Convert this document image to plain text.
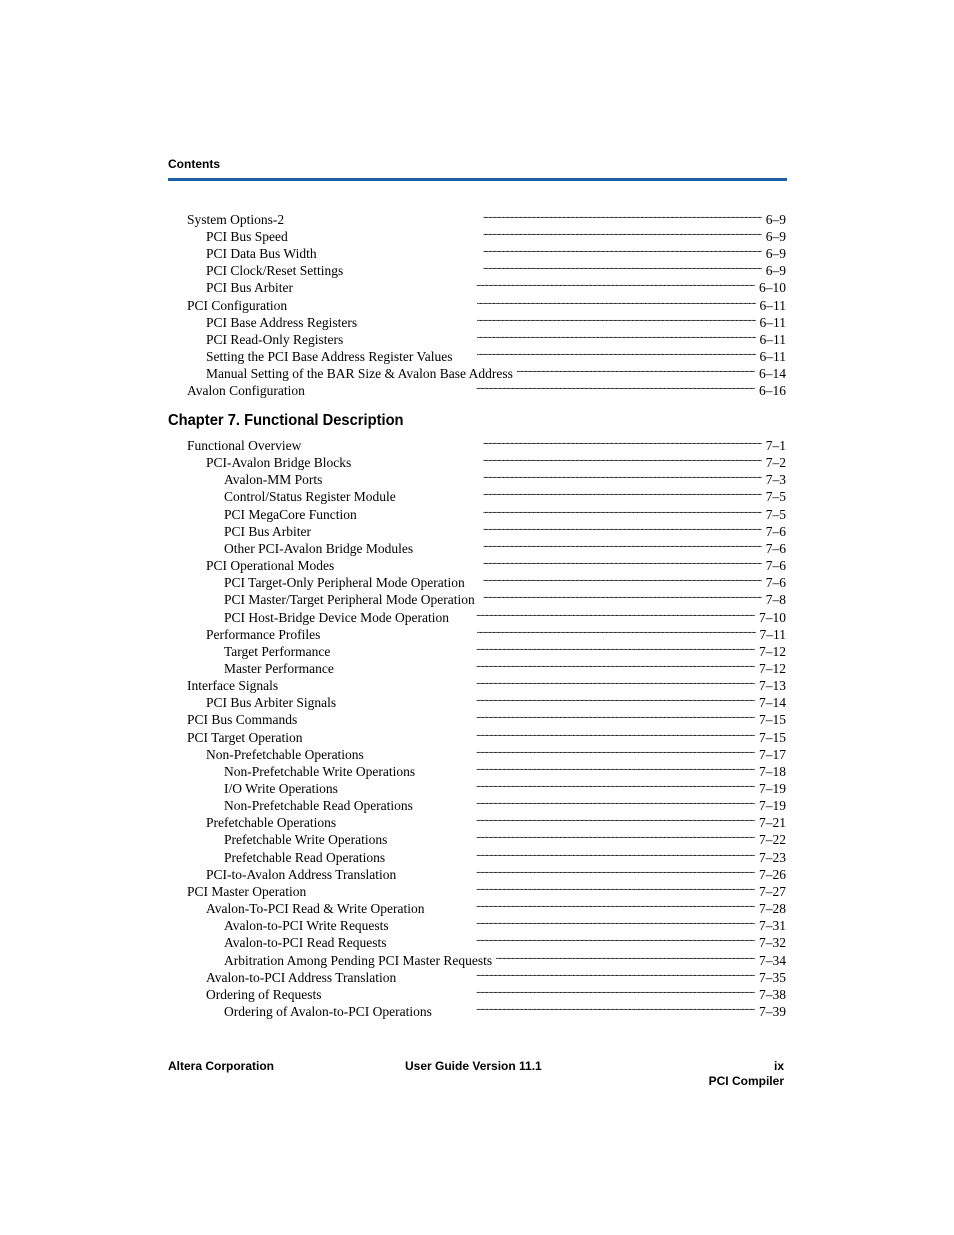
Contents
System Options-2 . . .	6–9
PCI Bus Speed . . .	6–9
PCI Data Bus Width . . .	6–9
PCI Clock/Reset Settings . . .	6–9
PCI Bus Arbiter . . .	6–10
PCI Configuration . . .	6–11
PCI Base Address Registers . . .	6–11
PCI Read-Only Registers . . .	6–11
Setting the PCI Base Address Register Values . . .	6–11
Manual Setting of the BAR Size & Avalon Base Address . . .	6–14
Avalon Configuration . . .	6–16
Chapter 7. Functional Description
Functional Overview . . .	7–1
PCI-Avalon Bridge Blocks . . .	7–2
Avalon-MM Ports . . .	7–3
Control/Status Register Module . . .	7–5
PCI MegaCore Function . . .	7–5
PCI Bus Arbiter . . .	7–6
Other PCI-Avalon Bridge Modules . . .	7–6
PCI Operational Modes . . .	7–6
PCI Target-Only Peripheral Mode Operation . . .	7–6
PCI Master/Target Peripheral Mode Operation . . .	7–8
PCI Host-Bridge Device Mode Operation . . .	7–10
Performance Profiles . . .	7–11
Target Performance . . .	7–12
Master Performance . . .	7–12
Interface Signals . . .	7–13
PCI Bus Arbiter Signals . . .	7–14
PCI Bus Commands . . .	7–15
PCI Target Operation . . .	7–15
Non-Prefetchable Operations . . .	7–17
Non-Prefetchable Write Operations . . .	7–18
I/O Write Operations . . .	7–19
Non-Prefetchable Read Operations . . .	7–19
Prefetchable Operations . . .	7–21
Prefetchable Write Operations . . .	7–22
Prefetchable Read Operations . . .	7–23
PCI-to-Avalon Address Translation . . .	7–26
PCI Master Operation . . .	7–27
Avalon-To-PCI Read & Write Operation . . .	7–28
Avalon-to-PCI Write Requests . . .	7–31
Avalon-to-PCI Read Requests . . .	7–32
Arbitration Among Pending PCI Master Requests . . .	7–34
Avalon-to-PCI Address Translation . . .	7–35
Ordering of Requests . . .	7–38
Ordering of Avalon-to-PCI Operations . . .	7–39
Altera Corporation	User Guide Version 11.1	ix
PCI Compiler
